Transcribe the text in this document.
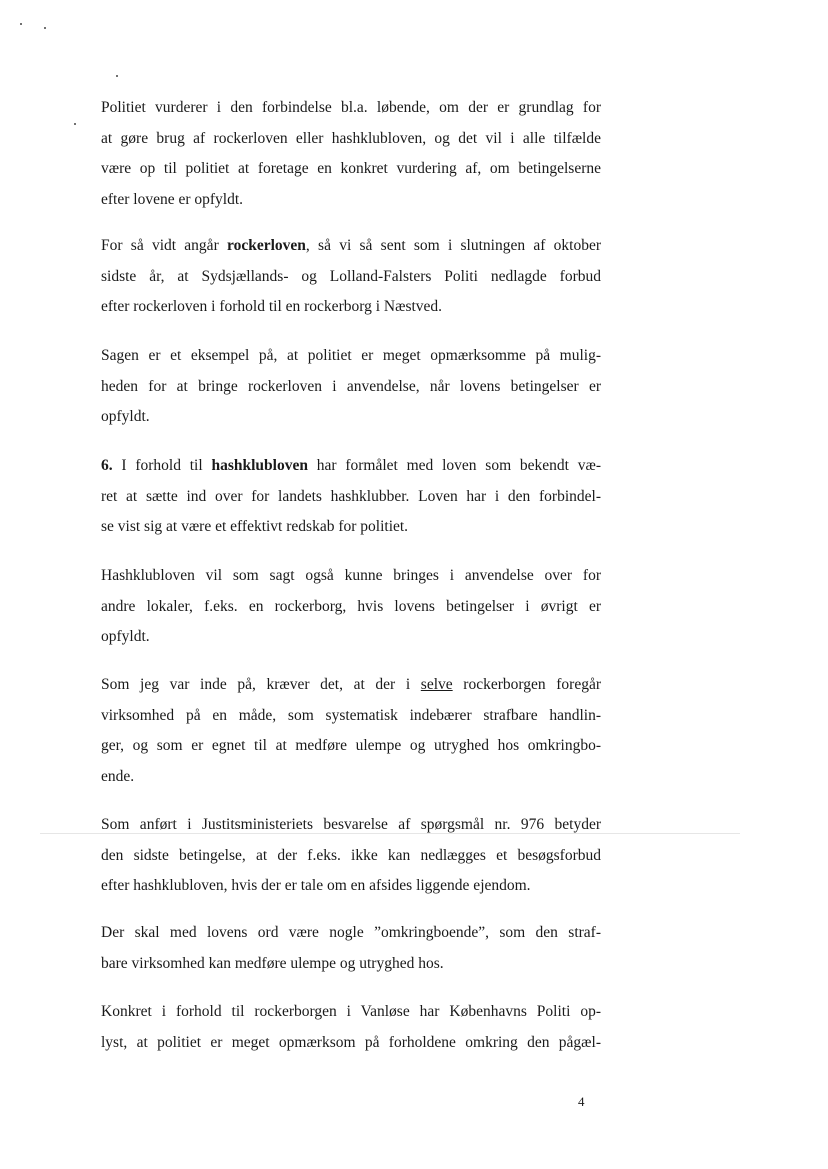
Politiet vurderer i den forbindelse bl.a. løbende, om der er grundlag for
at gøre brug af rockerloven eller hashklubloven, og det vil i alle tilfælde
være op til politiet at foretage en konkret vurdering af, om betingelserne
efter lovene er opfyldt.
For så vidt angår rockerloven, så vi så sent som i slutningen af oktober
sidste år, at Sydsjællands- og Lolland-Falsters Politi nedlagde forbud
efter rockerloven i forhold til en rockerborg i Næstved.
Sagen er et eksempel på, at politiet er meget opmærksomme på mulig-
heden for at bringe rockerloven i anvendelse, når lovens betingelser er
opfyldt.
6. I forhold til hashklubloven har formålet med loven som bekendt væ-
ret at sætte ind over for landets hashklubber. Loven har i den forbindel-
se vist sig at være et effektivt redskab for politiet.
Hashklubloven vil som sagt også kunne bringes i anvendelse over for
andre lokaler, f.eks. en rockerborg, hvis lovens betingelser i øvrigt er
opfyldt.
Som jeg var inde på, kræver det, at der i selve rockerborgen foregår
virksomhed på en måde, som systematisk indebærer strafbare handlin-
ger, og som er egnet til at medføre ulempe og utryghed hos omkringbo-
ende.
Som anført i Justitsministeriets besvarelse af spørgsmål nr. 976 betyder
den sidste betingelse, at der f.eks. ikke kan nedlægges et besøgsforbud
efter hashklubloven, hvis der er tale om en afsides liggende ejendom.
Der skal med lovens ord være nogle ”omkringboende”, som den straf-
bare virksomhed kan medføre ulempe og utryghed hos.
Konkret i forhold til rockerborgen i Vanløse har Københavns Politi op-
lyst, at politiet er meget opmærksom på forholdene omkring den pågæl-
4
